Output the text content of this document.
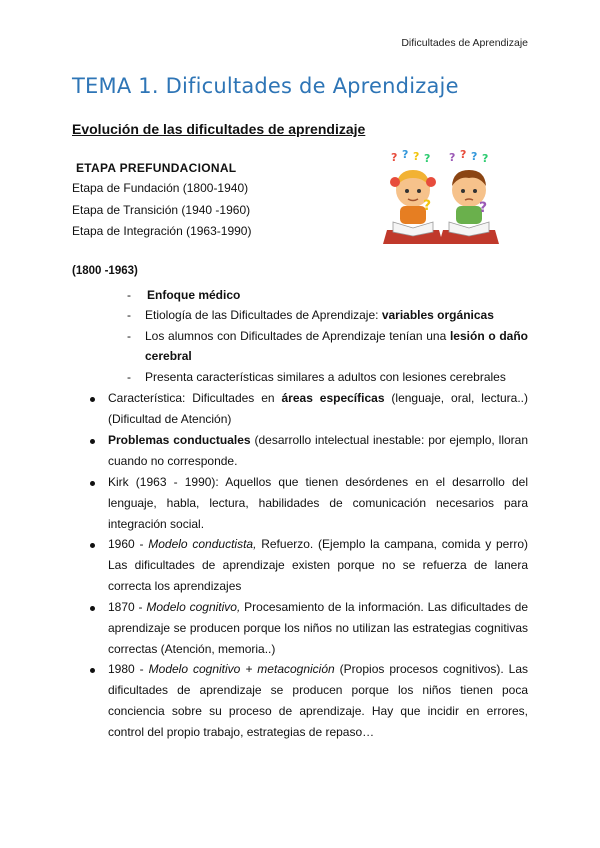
Dificultades de Aprendizaje
TEMA 1. Dificultades de Aprendizaje
Evolución de las dificultades de aprendizaje
ETAPA PREFUNDACIONAL
Etapa de Fundación (1800-1940)
Etapa de Transición (1940 -1960)
Etapa de Integración (1963-1990)
? ? ? ? ? ? ? ?
?	?
(1800 -1963)
- Enfoque médico
- Etiología de las Dificultades de Aprendizaje: variables orgánicas
- Los alumnos con Dificultades de Aprendizaje tenían una lesión o daño cerebral
- Presenta características similares a adultos con lesiones cerebrales
Característica: Dificultades en áreas específicas (lenguaje, oral, lectura..) (Dificultad de Atención)
Problemas conductuales (desarrollo intelectual inestable: por ejemplo, lloran cuando no corresponde.
Kirk (1963 - 1990): Aquellos que tienen desórdenes en el desarrollo del lenguaje, habla, lectura, habilidades de comunicación necesarios para integración social.
1960 - Modelo conductista, Refuerzo. (Ejemplo la campana, comida y perro) Las dificultades de aprendizaje existen porque no se refuerza de lanera correcta los aprendizajes
1870 - Modelo cognitivo, Procesamiento de la información. Las dificultades de aprendizaje se producen porque los niños no utilizan las estrategias cognitivas correctas (Atención, memoria..)
1980 - Modelo cognitivo + metacognición (Propios procesos cognitivos). Las dificultades de aprendizaje se producen porque los niños tienen poca conciencia sobre su proceso de aprendizaje. Hay que incidir en errores, control del propio trabajo, estrategias de repaso…
